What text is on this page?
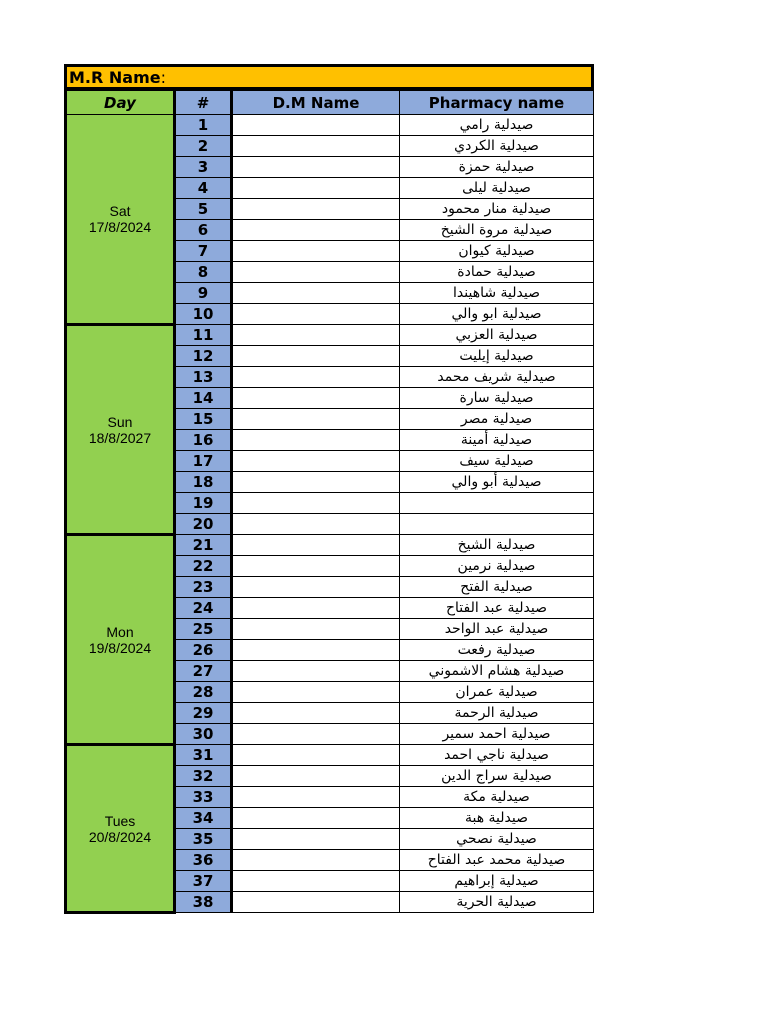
M.R Name :
Day	#	D.M Name	Pharmacy name

Sat
17/8/2024	1		صيدلية رامي
	2		صيدلية الكردي
	3		صيدلية حمزة
	4		صيدلية ليلى
	5		صيدلية منار محمود
	6		صيدلية مروة الشيخ
	7		صيدلية كيوان
	8		صيدلية حمادة
	9		صيدلية شاهيندا
	10		صيدلية ابو والي

Sun
18/8/2027	11		صيدلية العزبي
	12		صيدلية إيليت
	13		صيدلية شريف محمد
	14		صيدلية سارة
	15		صيدلية مصر
	16		صيدلية أمينة
	17		صيدلية سيف
	18		صيدلية أبو والي
	19		
	20		

Mon
19/8/2024	21		صيدلية الشيخ
	22		صيدلية نرمين
	23		صيدلية الفتح
	24		صيدلية عبد الفتاح
	25		صيدلية عبد الواحد
	26		صيدلية رفعت
	27		صيدلية هشام الاشموني
	28		صيدلية عمران
	29		صيدلية الرحمة
	30		صيدلية احمد سمير

Tues
20/8/2024	31		صيدلية ناجي احمد
	32		صيدلية سراج الدين
	33		صيدلية مكة
	34		صيدلية هبة
	35		صيدلية نصحي
	36		صيدلية محمد عبد الفتاح
	37		صيدلية إبراهيم
	38		صيدلية الحرية
